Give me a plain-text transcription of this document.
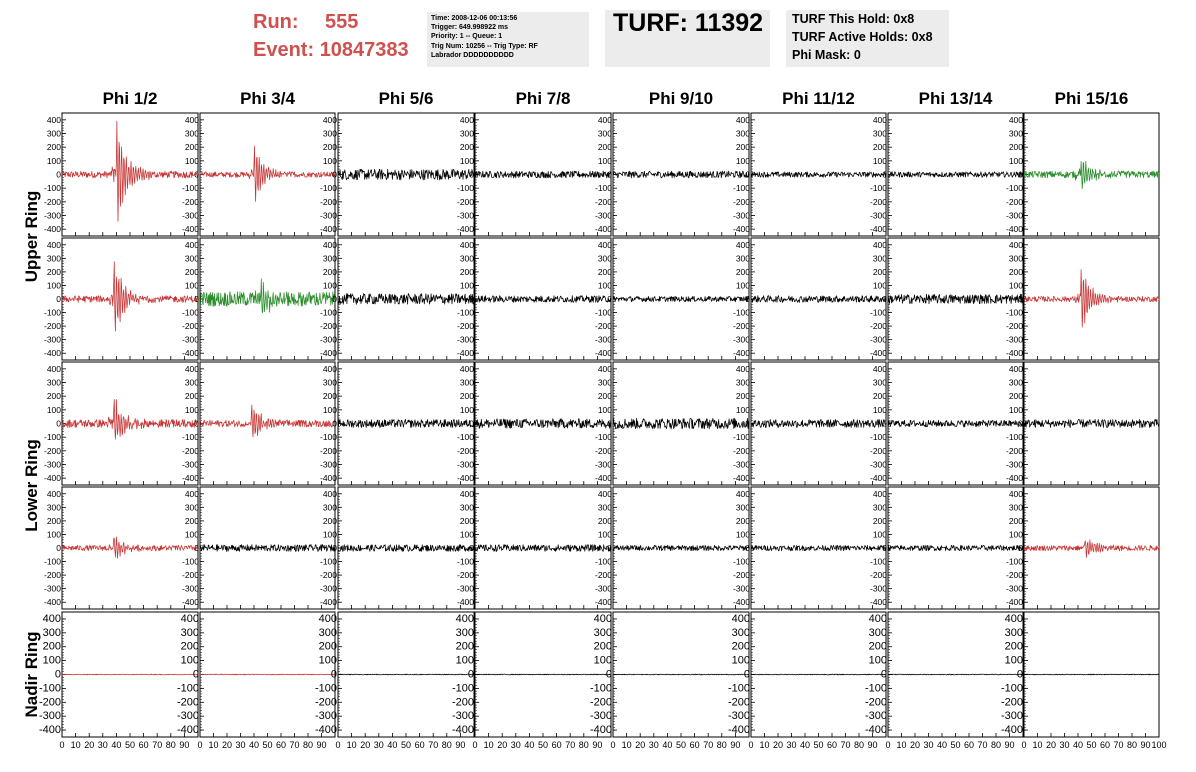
Run: 555
Event: 10847383
Time: 2008-12-06 00:13:56
Trigger: 649.998922 ms
Priority: 1 -- Queue: 1
Trig Num: 10256 -- Trig Type: RF
Labrador DDDDDDDDDD
TURF: 11392	TURF This Hold: 0x8
TURF Active Holds: 0x8
Phi Mask: 0
Phi 1/2	Phi 3/4	Phi 5/6	Phi 7/8	Phi 9/10	Phi 11/12	Phi 13/14	Phi 15/16
Upper Ring
Lower Ring
Nadir Ring
-400
-300
-200
-100
0
100
200
300
400
-400
-300
-200
-100
0
100
200
300
400
-400
-300
-200
-100
0
100
200
300
400
-400
-300
-200
-100
0
100
200
300
400
-400
-300
-200
-100
0
100
200
300
400
-400
-300
-200
-100
0
100
200
300
400
-400
-300
-200
-100
0
100
200
300
400
-400
-300
-200
-100
0
100
200
300
400
-400
-300
-200
-100
0
100
200
300
400
-400
-300
-200
-100
0
100
200
300
400
-400
-300
-200
-100
0
100
200
300
400
-400
-300
-200
-100
0
100
200
300
400
-400
-300
-200
-100
0
100
200
300
400
-400
-300
-200
-100
0
100
200
300
400
-400
-300
-200
-100
0
100
200
300
400
-400
-300
-200
-100
0
100
200
300
400
-400
-300
-200
-100
0
100
200
300
400
-400
-300
-200
-100
0
100
200
300
400
-400
-300
-200
-100
0
100
200
300
400
-400
-300
-200
-100
0
100
200
300
400
-400
-300
-200
-100
0
100
200
300
400
-400
-300
-200
-100
0
100
200
300
400
-400
-300
-200
-100
0
100
200
300
400
-400
-300
-200
-100
0
100
200
300
400
-400
-300
-200
-100
0
100
200
300
400
-400
-300
-200
-100
0
100
200
300
400
-400
-300
-200
-100
0
100
200
300
400
-400
-300
-200
-100
0
100
200
300
400
-400
-300
-200
-100
0
100
200
300
400
-400
-300
-200
-100
0
100
200
300
400
-400
-300
-200
-100
0
100
200
300
400
-400
-300
-200
-100
0
100
200
300
400
-400
-300
-200
-100
0
100
200
300
400
-400
-300
-200
-100
0
100
200
300
400
-400
-300
-200
-100
0
100
200
300
400
-400
-300
-200
-100
0
100
200
300
400
-400
-300
-200
-100
0
100
200
300
400
-400
-300
-200
-100
0
100
200
300
400
-400
-300
-200
-100
0
100
200
300
400
-400
-300
-200
-100
0
100
200
300
400
0 10 20 30 40 50 60 70 80 90 0 10 20 30 40 50 60 70 80 90 0 10 20 30 40 50 60 70 80 90 0 10 20 30 40 50 60 70 80 90 0 10 20 30 40 50 60 70 80 90 0 10 20 30 40 50 60 70 80 90 0 10 20 30 40 50 60 70 80 90 0 10 20 30 40 50 60 70 80 90 100
